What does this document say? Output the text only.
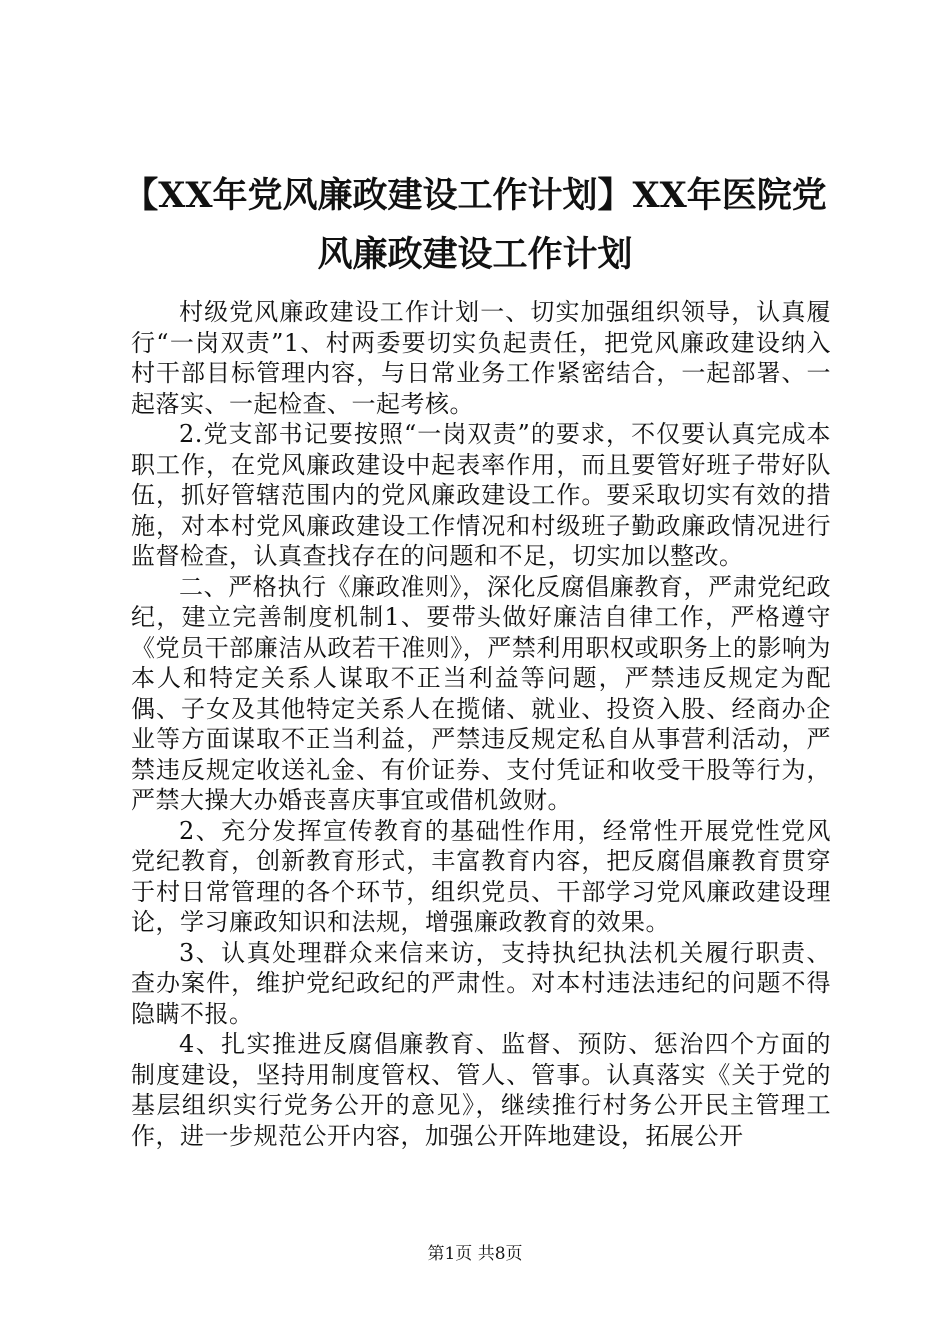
【XX年党风廉政建设工作计划】XX年医院党风廉政建设工作计划

村级党风廉政建设工作计划一、切实加强组织领导，认真履行“一岗双责”1、村两委要切实负起责任，把党风廉政建设纳入村干部目标管理内容，与日常业务工作紧密结合，一起部署、一起落实、一起检查、一起考核。

2.党支部书记要按照“一岗双责”的要求，不仅要认真完成本职工作，在党风廉政建设中起表率作用，而且要管好班子带好队伍，抓好管辖范围内的党风廉政建设工作。要采取切实有效的措施，对本村党风廉政建设工作情况和村级班子勤政廉政情况进行监督检查，认真查找存在的问题和不足，切实加以整改。

二、严格执行《廉政准则》，深化反腐倡廉教育，严肃党纪政纪，建立完善制度机制1、要带头做好廉洁自律工作，严格遵守《党员干部廉洁从政若干准则》，严禁利用职权或职务上的影响为本人和特定关系人谋取不正当利益等问题，严禁违反规定为配偶、子女及其他特定关系人在揽储、就业、投资入股、经商办企业等方面谋取不正当利益，严禁违反规定私自从事营利活动，严禁违反规定收送礼金、有价证券、支付凭证和收受干股等行为，严禁大操大办婚丧喜庆事宜或借机敛财。

2、充分发挥宣传教育的基础性作用，经常性开展党性党风党纪教育，创新教育形式，丰富教育内容，把反腐倡廉教育贯穿于村日常管理的各个环节，组织党员、干部学习党风廉政建设理论，学习廉政知识和法规，增强廉政教育的效果。

3、认真处理群众来信来访，支持执纪执法机关履行职责、查办案件，维护党纪政纪的严肃性。对本村违法违纪的问题不得隐瞒不报。

4、扎实推进反腐倡廉教育、监督、预防、惩治四个方面的制度建设，坚持用制度管权、管人、管事。认真落实《关于党的基层组织实行党务公开的意见》，继续推行村务公开民主管理工作，进一步规范公开内容，加强公开阵地建设，拓展公开

第1页 共8页
